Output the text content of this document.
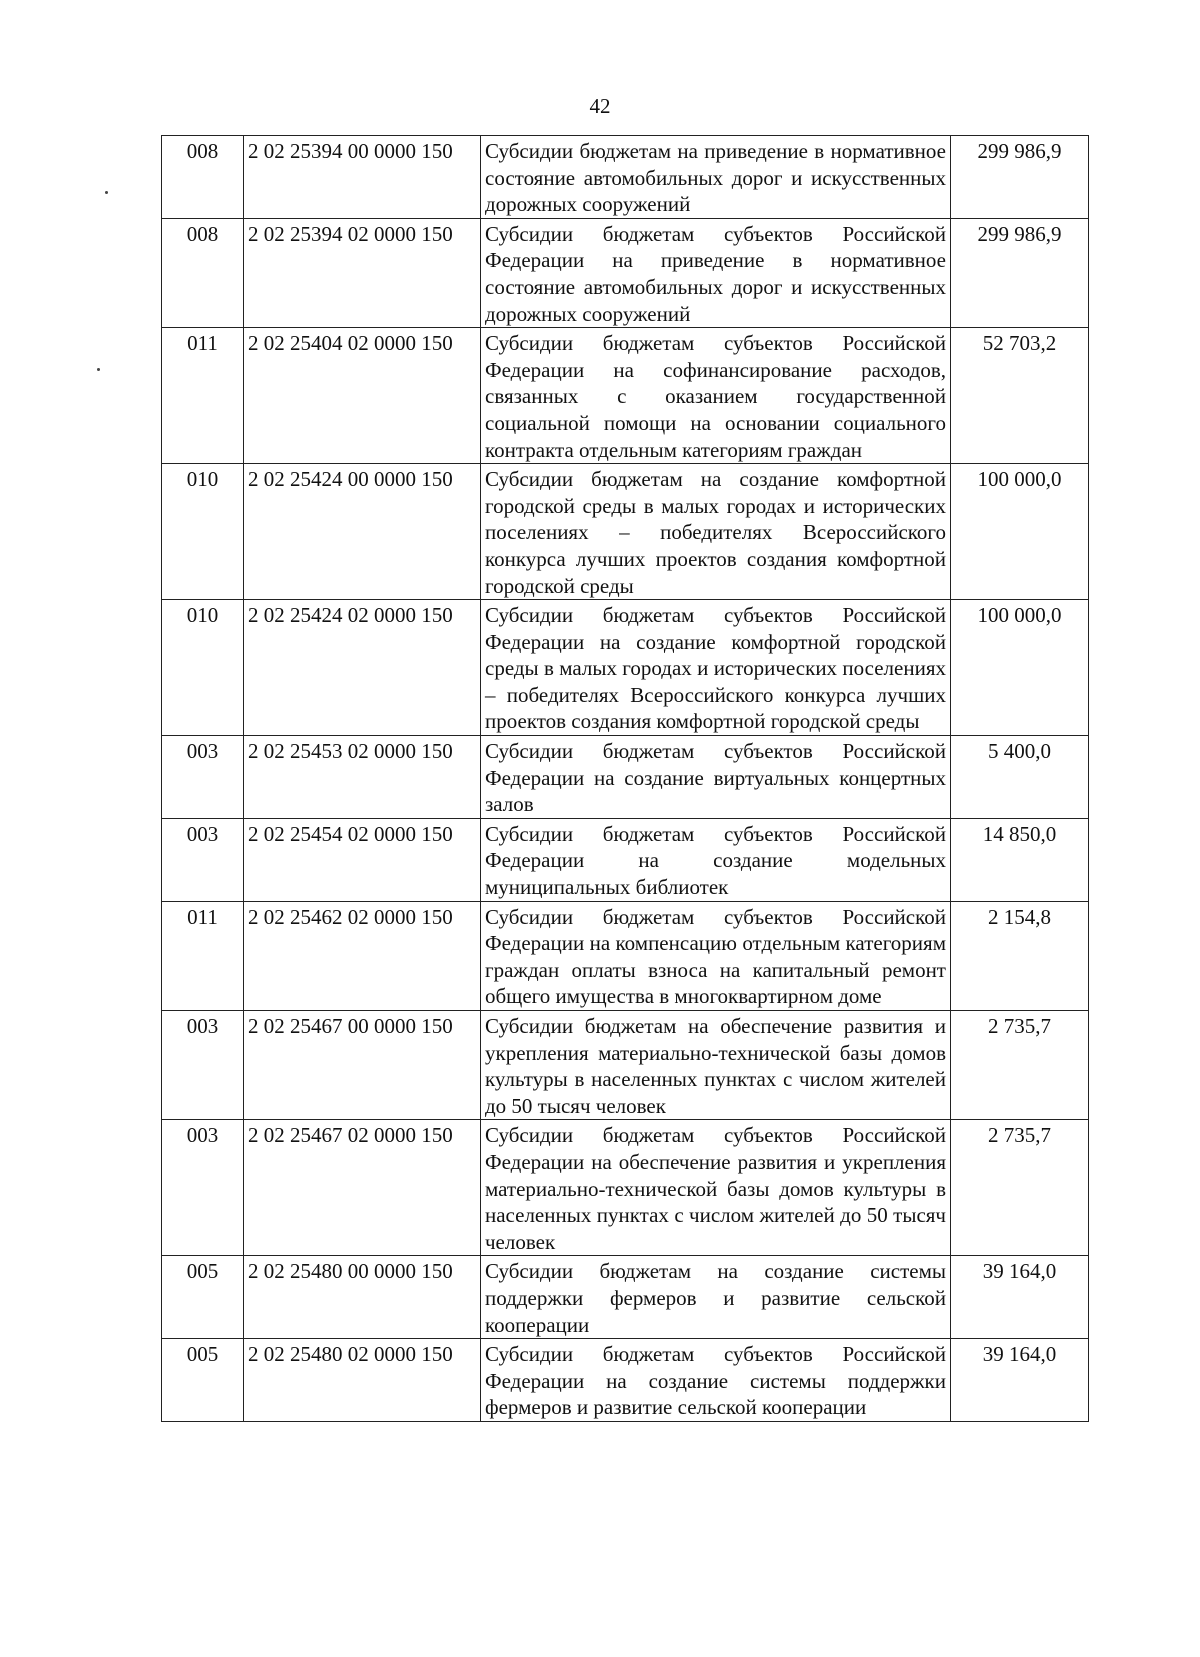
42
008	2 02 25394 00 0000 150	Субсидии бюджетам на приведение в нормативное состояние автомобильных дорог и искусственных дорожных сооружений	299 986,9
008	2 02 25394 02 0000 150	Субсидии бюджетам субъектов Российской Федерации на приведение в нормативное состояние автомобильных дорог и искусственных дорожных сооружений	299 986,9
011	2 02 25404 02 0000 150	Субсидии бюджетам субъектов Российской Федерации на софинансирование расходов, связанных с оказанием государственной социальной помощи на основании социального контракта отдельным категориям граждан	52 703,2
010	2 02 25424 00 0000 150	Субсидии бюджетам на создание комфортной городской среды в малых городах и исторических поселениях – победителях Всероссийского конкурса лучших проектов создания комфортной городской среды	100 000,0
010	2 02 25424 02 0000 150	Субсидии бюджетам субъектов Российской Федерации на создание комфортной городской среды в малых городах и исторических поселениях – победителях Всероссийского конкурса лучших проектов создания комфортной городской среды	100 000,0
003	2 02 25453 02 0000 150	Субсидии бюджетам субъектов Российской Федерации на создание виртуальных концертных залов	5 400,0
003	2 02 25454 02 0000 150	Субсидии бюджетам субъектов Российской Федерации на создание модельных муниципальных библиотек	14 850,0
011	2 02 25462 02 0000 150	Субсидии бюджетам субъектов Российской Федерации на компенсацию отдельным категориям граждан оплаты взноса на капитальный ремонт общего имущества в многоквартирном доме	2 154,8
003	2 02 25467 00 0000 150	Субсидии бюджетам на обеспечение развития и укрепления материально-технической базы домов культуры в населенных пунктах с числом жителей до 50 тысяч человек	2 735,7
003	2 02 25467 02 0000 150	Субсидии бюджетам субъектов Российской Федерации на обеспечение развития и укрепления материально-технической базы домов культуры в населенных пунктах с числом жителей до 50 тысяч человек	2 735,7
005	2 02 25480 00 0000 150	Субсидии бюджетам на создание системы поддержки фермеров и развитие сельской кооперации	39 164,0
005	2 02 25480 02 0000 150	Субсидии бюджетам субъектов Российской Федерации на создание системы поддержки фермеров и развитие сельской кооперации	39 164,0
